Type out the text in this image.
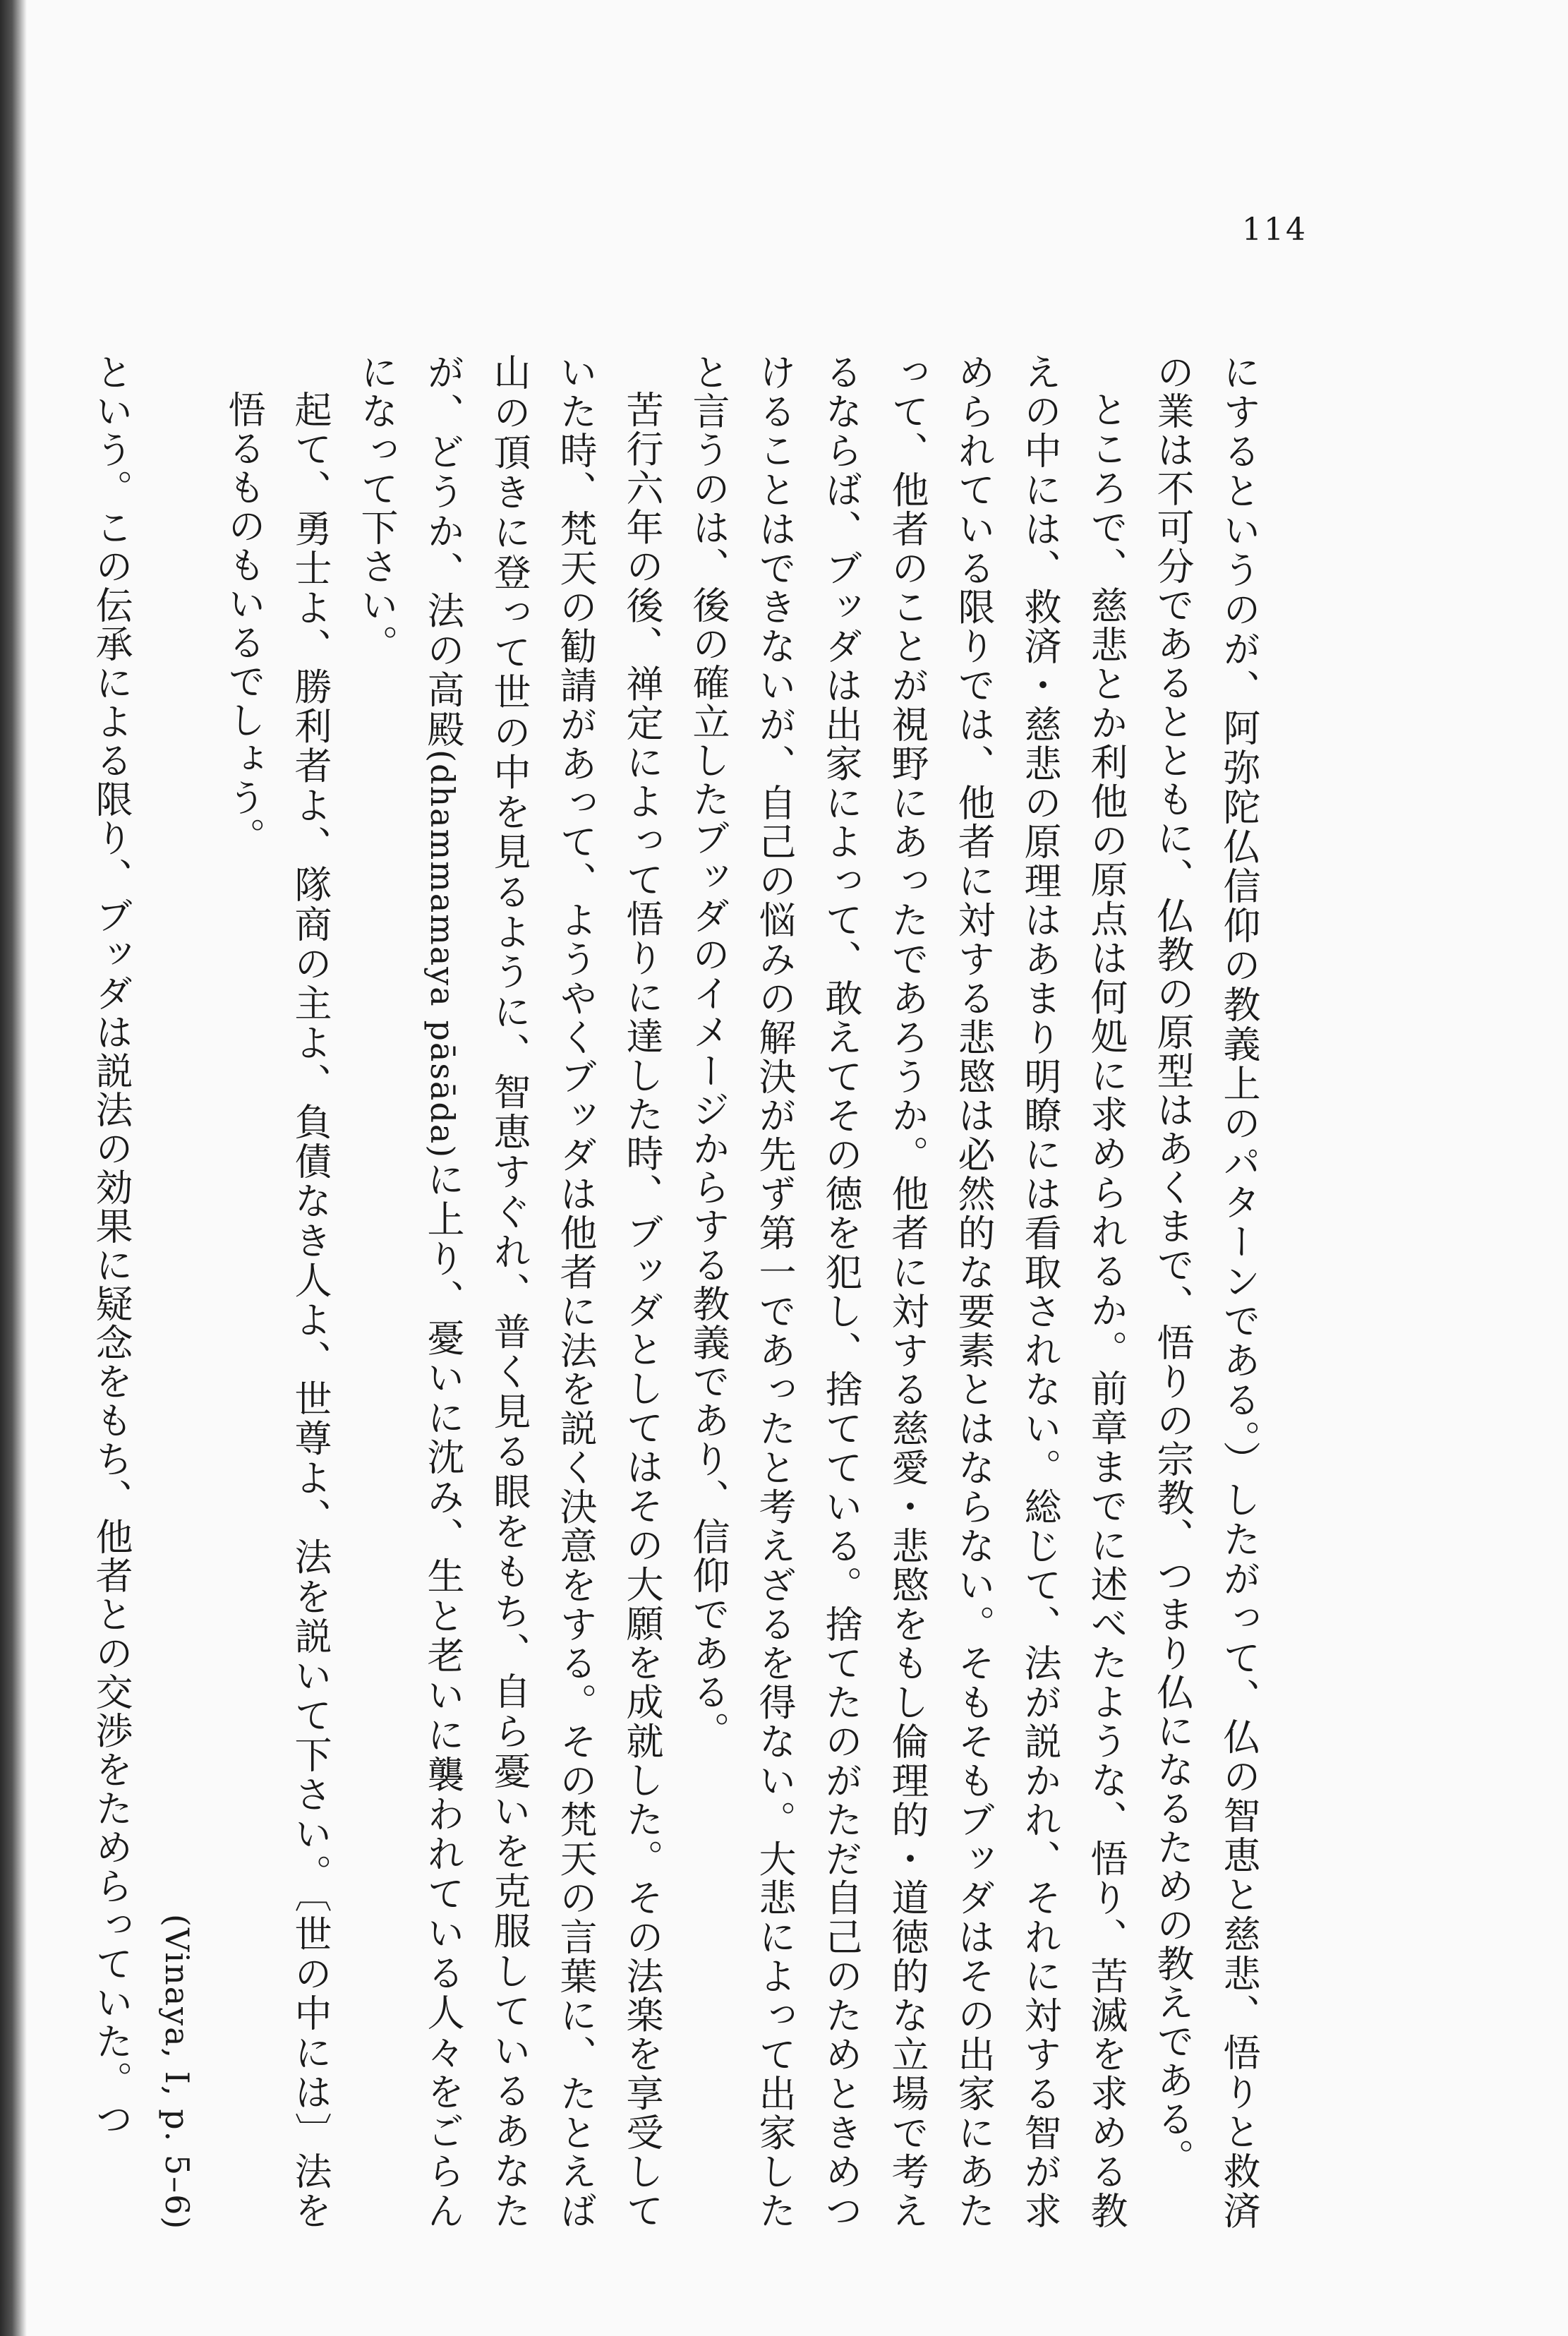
114

にするというのが、阿弥陀仏信仰の教義上のパターンである。）したがって、仏の智恵と慈悲、悟りと救済の業は不可分であるとともに、仏教の原型はあくまで、悟りの宗教、つまり仏になるための教えである。

ところで、慈悲とか利他の原点は何処に求められるか。前章までに述べたような、悟り、苦滅を求める教えの中には、救済・慈悲の原理はあまり明瞭には看取されない。総じて、法が説かれ、それに対する智が求められている限りでは、他者に対する悲愍は必然的な要素とはならない。そもそもブッダはその出家にあたって、他者のことが視野にあったであろうか。他者に対する慈愛・悲愍をもし倫理的・道徳的な立場で考えるならば、ブッダは出家によって、敢えてその徳を犯し、捨てている。捨てたのがただ自己のためときめつけることはできないが、自己の悩みの解決が先ず第一であったと考えざるを得ない。大悲によって出家したと言うのは、後の確立したブッダのイメージからする教義であり、信仰である。

苦行六年の後、禅定によって悟りに達した時、ブッダとしてはその大願を成就した。その法楽を享受していた時、梵天の勧請があって、ようやくブッダは他者に法を説く決意をする。その梵天の言葉に、たとえば山の頂きに登って世の中を見るように、智恵すぐれ、普く見る眼をもち、自ら憂いを克服しているあなたが、どうか、法の高殿(dhammamaya pāsāda)に上り、憂いに沈み、生と老いに襲われている人々をごらんになって下さい。

起て、勇士よ、勝利者よ、隊商の主よ、負債なき人よ、世尊よ、法を説いて下さい。〔世の中には〕法を悟るものもいるでしょう。

(Vinaya, I, p. 5–6)

という。この伝承による限り、ブッダは説法の効果に疑念をもち、他者との交渉をためらっていた。つ
